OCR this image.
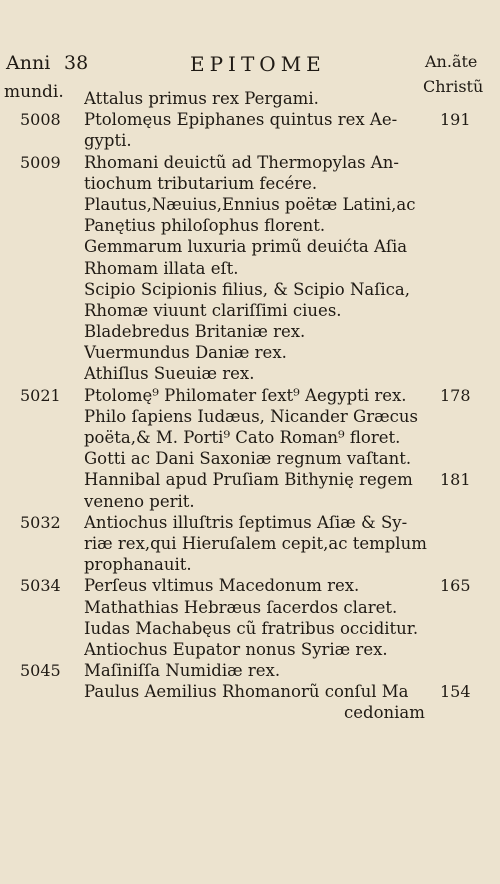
Anni 38	EPITOME	An.ãte
mundi.	Christũ
Attalus primus rex Pergami.
5008	Ptolomęus Epiphanes quintus rex Ae-	191
gypti.
5009	Rhomani deuictũ ad Thermopylas An-
tiochum tributarium fecére.
Plautus,Næuius,Ennius poëtæ Latini,ac
Panętius philoſophus florent.
Gemmarum luxuria primũ deuićta Aſia
Rhomam illata eſt.
Scipio Scipionis filius, & Scipio Naſica,
Rhomæ viuunt clariſſimi ciues.
Bladebredus Britaniæ rex.
Vuermundus Daniæ rex.
Athiſlus Sueuiæ rex.
5021	Ptolomę⁹ Philomater ſext⁹ Aegypti rex.	178
Philo ſapiens Iudæus, Nicander Græcus
poëta,& M. Porti⁹ Cato Roman⁹ floret.
Gotti ac Dani Saxoniæ regnum vaſtant.
Hannibal apud Pruſiam Bithynię regem	181
veneno perit.
5032	Antiochus illuſtris ſeptimus Aſiæ & Sy-
riæ rex,qui Hieruſalem cepit,ac templum
prophanauit.
5034	Perſeus vltimus Macedonum rex.	165
Mathathias Hebræus ſacerdos claret.
Iudas Machabęus cũ fratribus occiditur.
Antiochus Eupator nonus Syriæ rex.
5045	Maſiniſſa Numidiæ rex.
Paulus Aemilius Rhomanorũ conſul Ma	154
cedoniam
